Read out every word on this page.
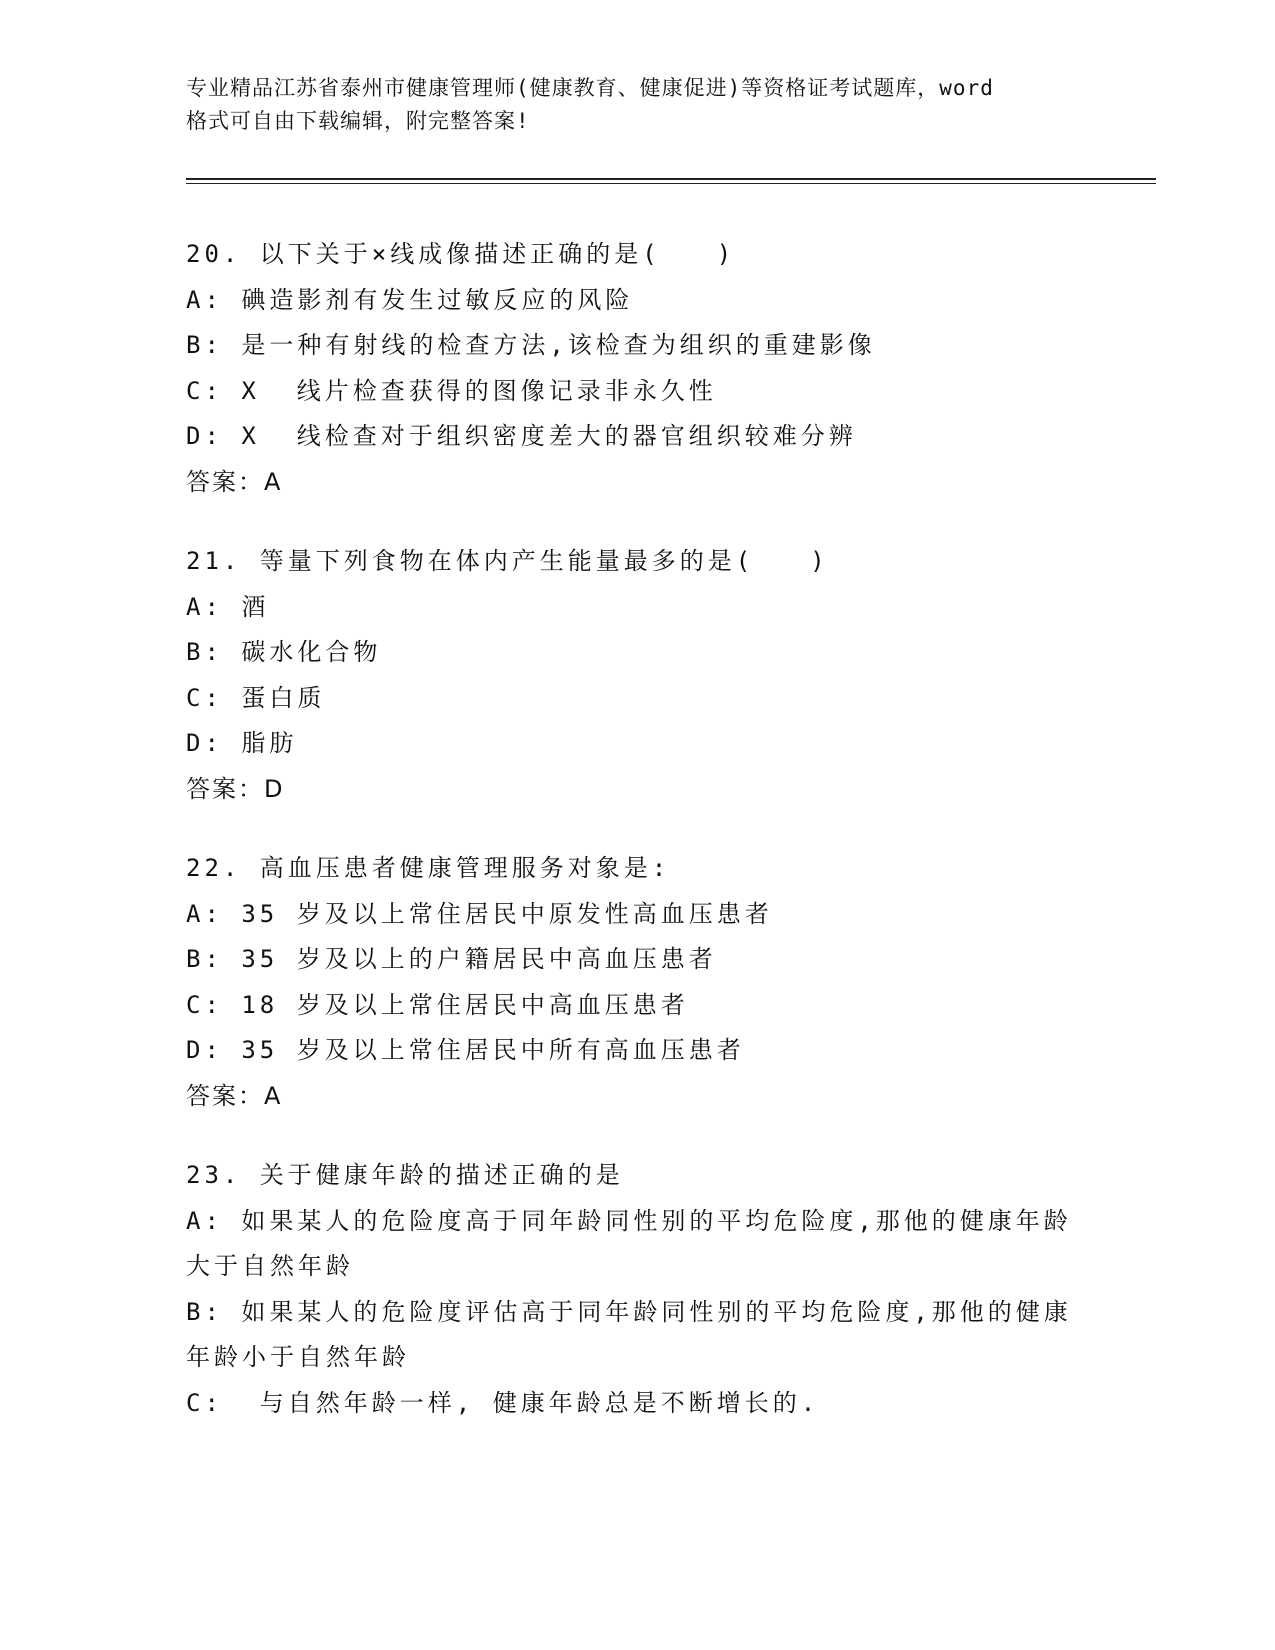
专业精品江苏省泰州市健康管理师(健康教育、健康促进)等资格证考试题库，word
格式可自由下载编辑，附完整答案!
20. 以下关于×线成像描述正确的是(　　)
A: 碘造影剂有发生过敏反应的风险
B: 是一种有射线的检查方法,该检查为组织的重建影像
C: X  线片检查获得的图像记录非永久性
D: X  线检查对于组织密度差大的器官组织较难分辨
答案：A
21. 等量下列食物在体内产生能量最多的是(　　)
A: 酒
B: 碳水化合物
C: 蛋白质
D: 脂肪
答案：D
22. 高血压患者健康管理服务对象是:
A: 35 岁及以上常住居民中原发性高血压患者
B: 35 岁及以上的户籍居民中高血压患者
C: 18 岁及以上常住居民中高血压患者
D: 35 岁及以上常住居民中所有高血压患者
答案：A
23. 关于健康年龄的描述正确的是
A: 如果某人的危险度高于同年龄同性别的平均危险度,那他的健康年龄大于自然年龄
B: 如果某人的危险度评估高于同年龄同性别的平均危险度,那他的健康年龄小于自然年龄
C:  与自然年龄一样, 健康年龄总是不断增长的.
